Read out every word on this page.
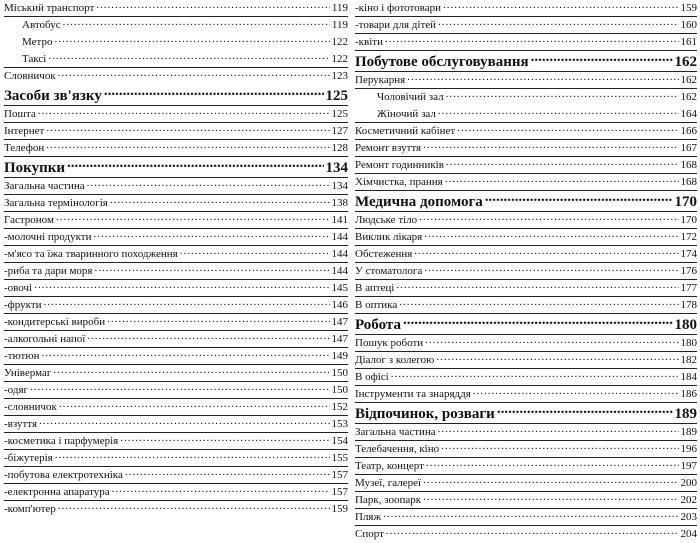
Міський транспорт .....	119
Автобус .....	119
Метро .....	122
Таксі .....	122
Словничок .....	123
Засоби зв'язку .....	125
Пошта .....	125
Інтернет .....	127
Телефон .....	128
Покупки .....	134
Загальна частина .....	134
Загальна термінологія .....	138
Гастроном .....	141
-молочні продукти .....	144
-м'ясо та їжа тваринного походження .....	144
-риба та дари моря .....	144
-овочі .....	145
-фрукти .....	146
-кондитерські вироби .....	147
-алкогольні напої .....	147
-тютюн .....	149
Універмаг .....	150
-одяг .....	150
-словничок .....	152
-взуття .....	153
-косметика і парфумерія .....	154
-біжутерія .....	155
-побутова електротехніка .....	157
-електронна апаратура .....	157
-комп'ютер .....	159
-кіно і фототовари .....	159
-товари для дітей .....	160
-квіти .....	161
Побутове обслуговування .....	162
Перукарня .....	162
Чоловічий зал .....	162
Жіночий зал .....	164
Косметичний кабінет .....	166
Ремонт взуття .....	167
Ремонт годинників .....	168
Хімчистка, прання .....	168
Медична допомога .....	170
Людське тіло .....	170
Виклик лікаря .....	172
Обстеження .....	174
У стоматолога .....	176
В аптеці .....	177
В оптика .....	178
Робота .....	180
Пошук роботи .....	180
Діалог з колегою .....	182
В офісі .....	184
Інструменти та знаряддя .....	186
Відпочинок, розваги .....	189
Загальна частина .....	189
Телебачення, кіно .....	196
Театр, концерт .....	197
Музеї, галереї .....	200
Парк, зоопарк .....	202
Пляж .....	203
Спорт .....	204
